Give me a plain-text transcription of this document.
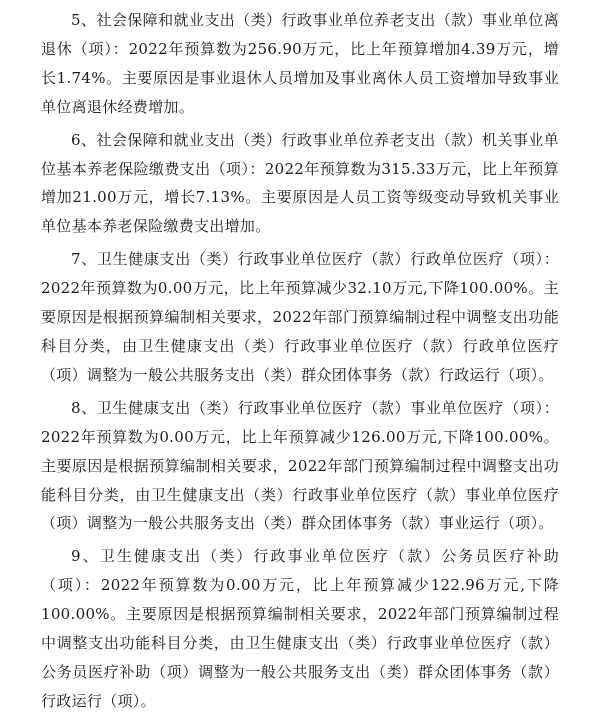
5、社会保障和就业支出（类）行政事业单位养老支出（款）事业单位离退休（项）：2022年预算数为256.90万元，比上年预算增加4.39万元，增长1.74%。主要原因是事业退休人员增加及事业离休人员工资增加导致事业单位离退休经费增加。

6、社会保障和就业支出（类）行政事业单位养老支出（款）机关事业单位基本养老保险缴费支出（项）：2022年预算数为315.33万元，比上年预算增加21.00万元，增长7.13%。主要原因是人员工资等级变动导致机关事业单位基本养老保险缴费支出增加。

7、卫生健康支出（类）行政事业单位医疗（款）行政单位医疗（项）：2022年预算数为0.00万元，比上年预算减少32.10万元,下降100.00%。主要原因是根据预算编制相关要求，2022年部门预算编制过程中调整支出功能科目分类，由卫生健康支出（类）行政事业单位医疗（款）行政单位医疗（项）调整为一般公共服务支出（类）群众团体事务（款）行政运行（项）。

8、卫生健康支出（类）行政事业单位医疗（款）事业单位医疗（项）：2022年预算数为0.00万元，比上年预算减少126.00万元,下降100.00%。主要原因是根据预算编制相关要求，2022年部门预算编制过程中调整支出功能科目分类，由卫生健康支出（类）行政事业单位医疗（款）事业单位医疗（项）调整为一般公共服务支出（类）群众团体事务（款）事业运行（项）。

9、卫生健康支出（类）行政事业单位医疗（款）公务员医疗补助（项）：2022年预算数为0.00万元，比上年预算减少122.96万元,下降100.00%。主要原因是根据预算编制相关要求，2022年部门预算编制过程中调整支出功能科目分类，由卫生健康支出（类）行政事业单位医疗（款）公务员医疗补助（项）调整为一般公共服务支出（类）群众团体事务（款）行政运行（项）。
